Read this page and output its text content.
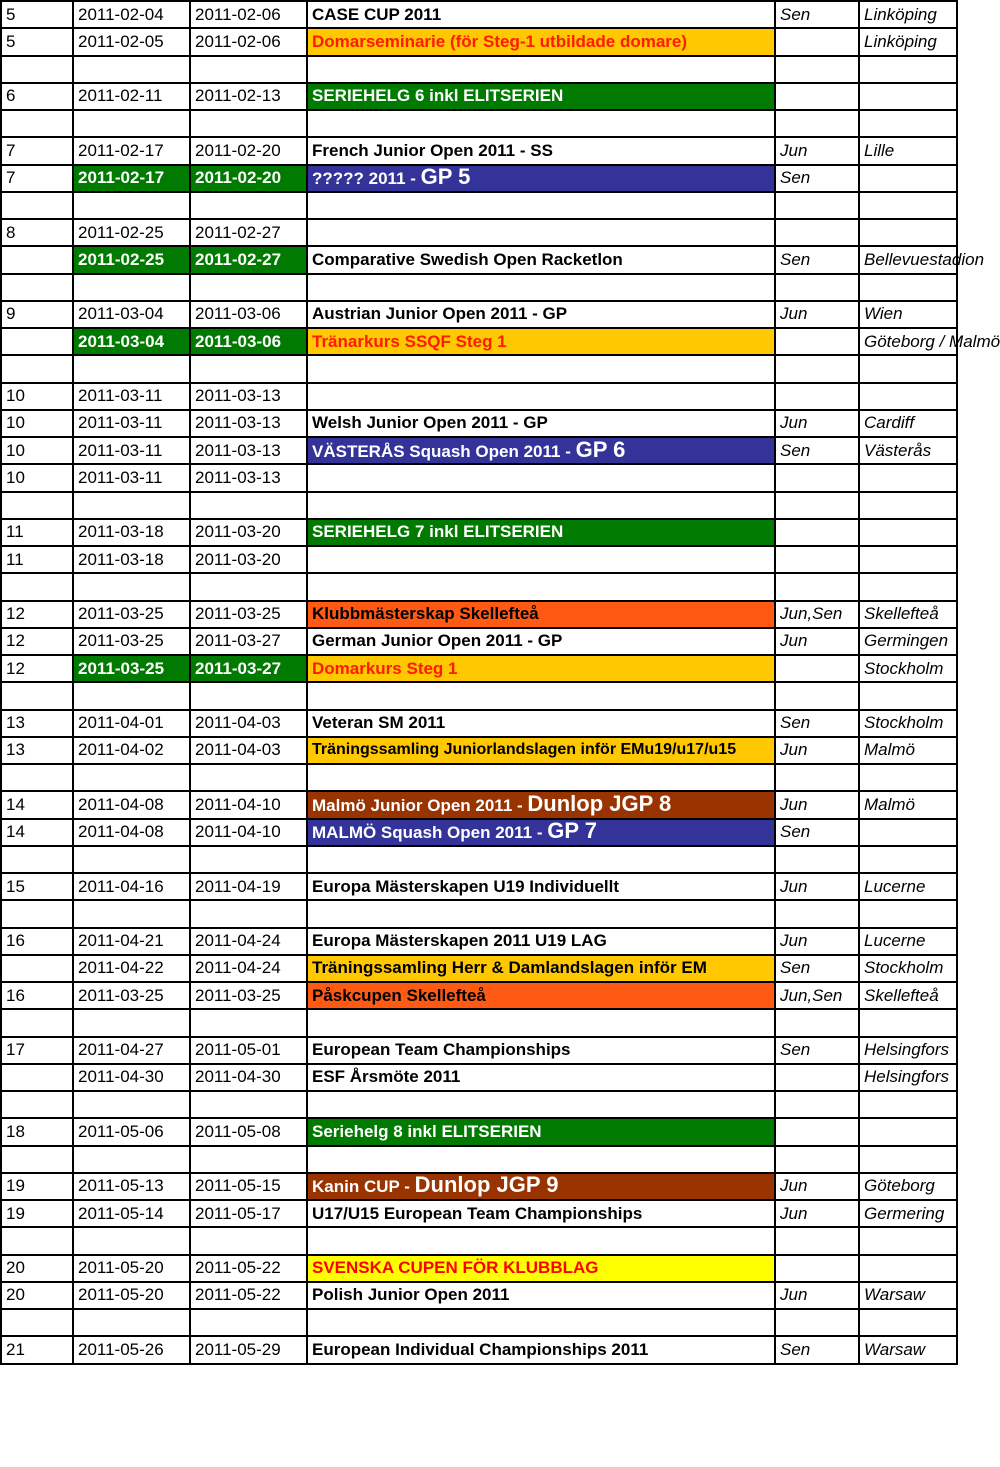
5	2011-02-04	2011-02-06	CASE CUP 2011	Sen	Linköping
5	2011-02-05	2011-02-06	Domarseminarie (för Steg-1 utbildade domare)		Linköping

6	2011-02-11	2011-02-13	SERIEHELG 6 inkl ELITSERIEN		

7	2011-02-17	2011-02-20	French Junior Open 2011 - SS	Jun	Lille
7	2011-02-17	2011-02-20	????? 2011 - GP 5	Sen	

8	2011-02-25	2011-02-27			
	2011-02-25	2011-02-27	Comparative Swedish Open Racketlon	Sen	Bellevuestadion

9	2011-03-04	2011-03-06	Austrian Junior Open 2011 - GP	Jun	Wien
	2011-03-04	2011-03-06	Tränarkurs SSQF Steg 1		Göteborg / Malmö

10	2011-03-11	2011-03-13			
10	2011-03-11	2011-03-13	Welsh Junior Open 2011 - GP	Jun	Cardiff
10	2011-03-11	2011-03-13	VÄSTERÅS Squash Open 2011 - GP 6	Sen	Västerås
10	2011-03-11	2011-03-13			

11	2011-03-18	2011-03-20	SERIEHELG 7 inkl ELITSERIEN		
11	2011-03-18	2011-03-20			

12	2011-03-25	2011-03-25	Klubbmästerskap Skellefteå	Jun,Sen	Skellefteå
12	2011-03-25	2011-03-27	German Junior Open 2011 - GP	Jun	Germingen
12	2011-03-25	2011-03-27	Domarkurs Steg 1		Stockholm

13	2011-04-01	2011-04-03	Veteran SM 2011	Sen	Stockholm
13	2011-04-02	2011-04-03	Träningssamling Juniorlandslagen inför EMu19/u17/u15	Jun	Malmö

14	2011-04-08	2011-04-10	Malmö Junior Open 2011 - Dunlop JGP 8	Jun	Malmö
14	2011-04-08	2011-04-10	MALMÖ Squash Open 2011 - GP 7	Sen	

15	2011-04-16	2011-04-19	Europa Mästerskapen U19 Individuellt	Jun	Lucerne

16	2011-04-21	2011-04-24	Europa Mästerskapen 2011 U19 LAG	Jun	Lucerne
	2011-04-22	2011-04-24	Träningssamling Herr & Damlandslagen inför EM	Sen	Stockholm
16	2011-03-25	2011-03-25	Påskcupen Skellefteå	Jun,Sen	Skellefteå

17	2011-04-27	2011-05-01	European Team Championships	Sen	Helsingfors
	2011-04-30	2011-04-30	ESF Årsmöte 2011		Helsingfors

18	2011-05-06	2011-05-08	Seriehelg 8 inkl ELITSERIEN		

19	2011-05-13	2011-05-15	Kanin CUP - Dunlop JGP 9	Jun	Göteborg
19	2011-05-14	2011-05-17	U17/U15 European Team Championships	Jun	Germering

20	2011-05-20	2011-05-22	SVENSKA CUPEN FÖR KLUBBLAG		
20	2011-05-20	2011-05-22	Polish Junior Open 2011	Jun	Warsaw

21	2011-05-26	2011-05-29	European Individual Championships 2011	Sen	Warsaw
